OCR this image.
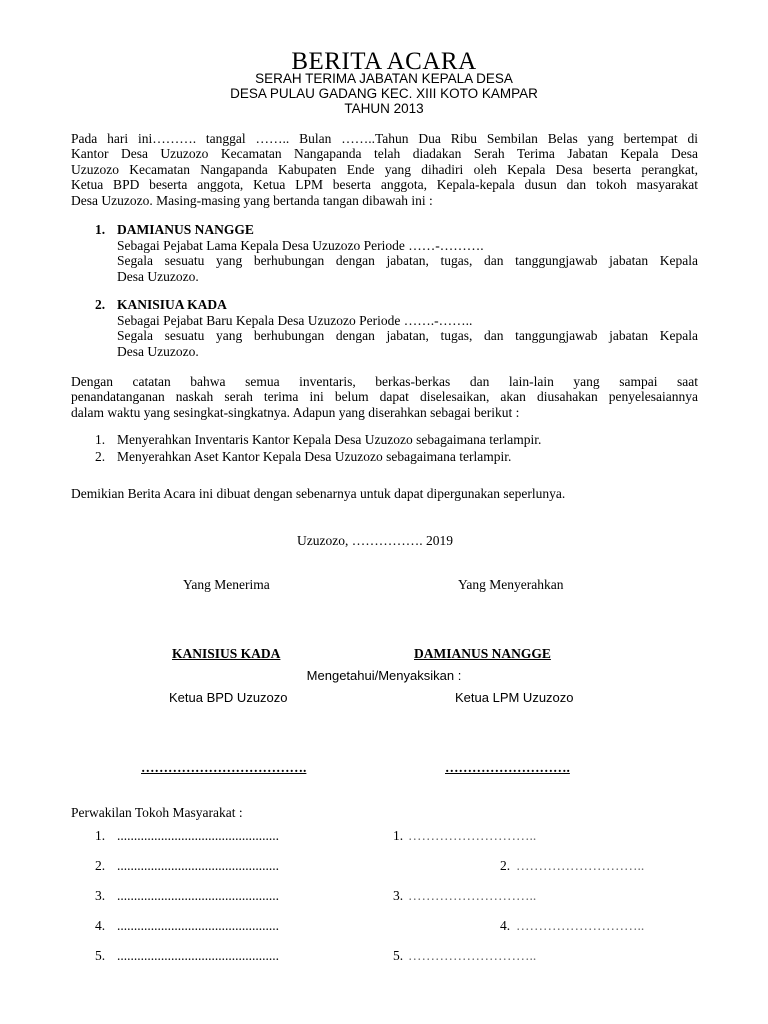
BERITA ACARA
SERAH TERIMA JABATAN KEPALA DESA
DESA PULAU GADANG KEC. XIII KOTO KAMPAR
TAHUN 2013
Pada hari ini………. tanggal …….. Bulan ……..Tahun Dua Ribu Sembilan Belas yang bertempat di
Kantor Desa Uzuzozo Kecamatan Nangapanda telah diadakan Serah Terima Jabatan Kepala Desa
Uzuzozo Kecamatan Nangapanda Kabupaten Ende yang dihadiri oleh Kepala Desa beserta perangkat,
Ketua BPD beserta anggota, Ketua LPM beserta anggota, Kepala-kepala dusun dan tokoh masyarakat
Desa Uzuzozo. Masing-masing yang bertanda tangan dibawah ini :
1. DAMIANUS NANGGE
Sebagai Pejabat Lama Kepala Desa Uzuzozo Periode ……-……….
Segala sesuatu yang berhubungan dengan jabatan, tugas, dan tanggungjawab jabatan Kepala
Desa Uzuzozo.
2. KANISIUA KADA
Sebagai Pejabat Baru Kepala Desa Uzuzozo Periode …….-……..
Segala sesuatu yang berhubungan dengan jabatan, tugas, dan tanggungjawab jabatan Kepala
Desa Uzuzozo.
Dengan catatan bahwa semua inventaris, berkas-berkas dan lain-lain yang sampai saat
penandatanganan naskah serah terima ini belum dapat diselesaikan, akan diusahakan penyelesaiannya
dalam waktu yang sesingkat-singkatnya. Adapun yang diserahkan sebagai berikut :
1. Menyerahkan Inventaris Kantor Kepala Desa Uzuzozo sebagaimana terlampir.
2. Menyerahkan Aset Kantor Kepala Desa Uzuzozo sebagaimana terlampir.
Demikian Berita Acara ini dibuat dengan sebenarnya untuk dapat dipergunakan seperlunya.
Uzuzozo, ……………. 2019
Yang Menerima	Yang Menyerahkan
KANISIUS KADA	DAMIANUS NANGGE
Mengetahui/Menyaksikan :
Ketua BPD Uzuzozo	Ketua LPM Uzuzozo
……………………………….	……………………….
Perwakilan Tokoh Masyarakat :
1. ................................................
2. ................................................
3. ................................................
4. ................................................
5. ................................................
1. ………………………..
2. ………………………..
3. ………………………..
4. ………………………..
5. ………………………..
